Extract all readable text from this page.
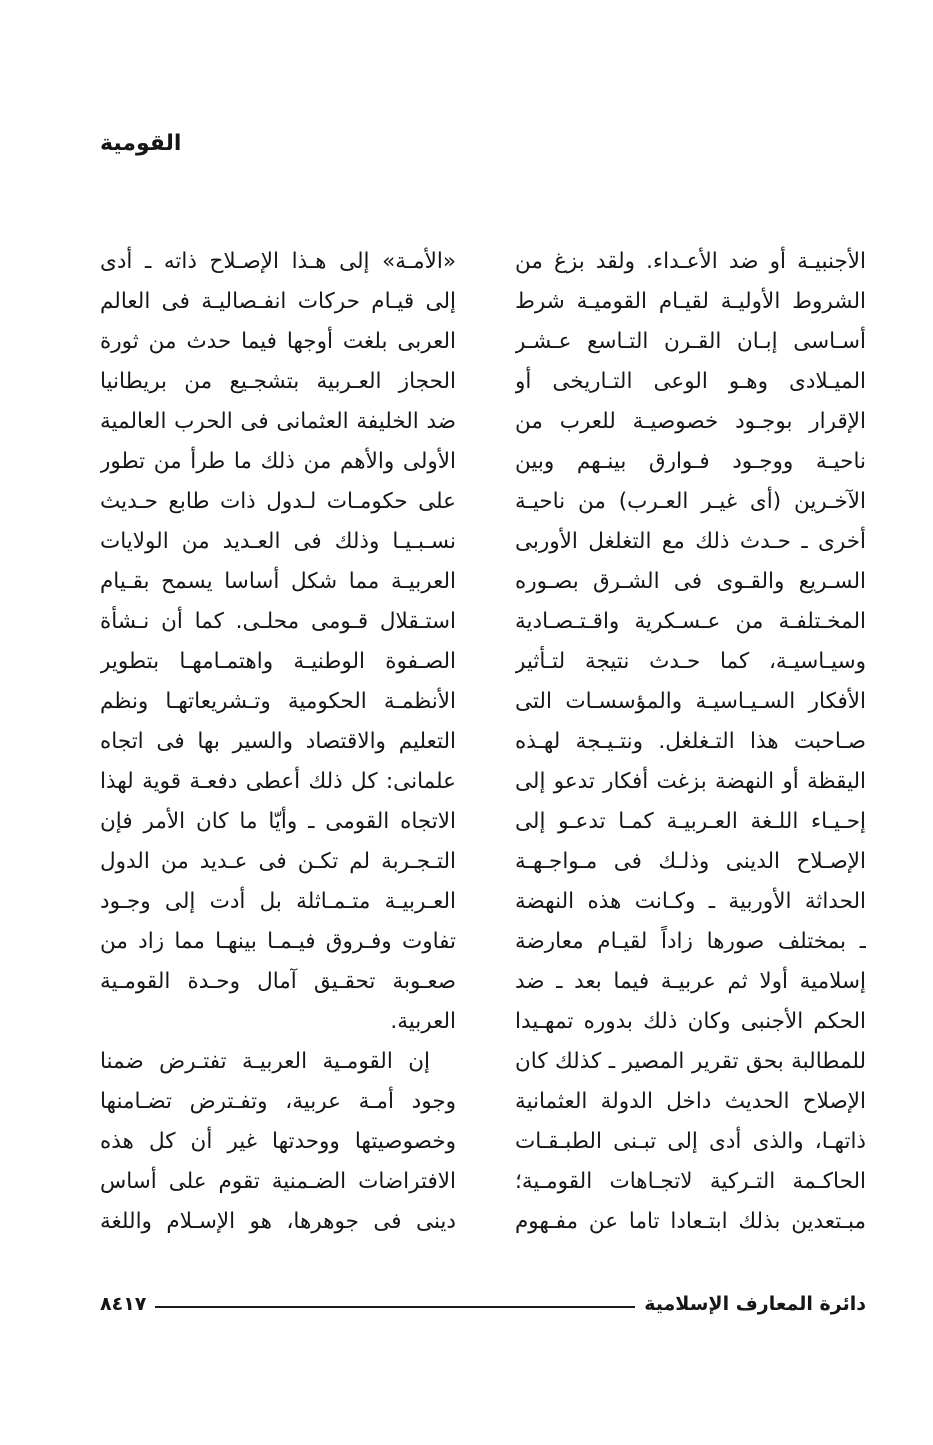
القومية
الأجنبيـة أو ضد الأعـداء. ولقد بزغ من
الشروط الأوليـة لقيـام القوميـة شرط
أسـاسى إبـان القـرن التـاسع عـشـر
الميـلادى وهـو الوعى التـاريخى أو
الإقرار بوجـود خصوصيـة للعرب من
ناحيـة ووجـود فـوارق بينـهم وبين
الآخـرين (أى غيـر العـرب) من ناحيـة
أخرى ـ حـدث ذلك مع التغلغل الأوربى
السـريع والقـوى فى الشـرق بصـوره
المخـتلفـة من عـسـكرية واقـتـصـادية
وسيـاسيـة، كما حـدث نتيجة لتـأثير
الأفكار السـيـاسيـة والمؤسسـات التى
صـاحبت هذا التـغلغل. ونتـيـجة لهـذه
اليقظة أو النهضة بزغت أفكار تدعو إلى
إحـيـاء اللـغة العـربيـة كمـا تدعـو إلى
الإصـلاح الدينى وذلـك فى مـواجـهـة
الحداثة الأوربية ـ وكـانت هذه النهضة
ـ بمختلف صورها زاداً لقيـام معارضة
إسلامية أولا ثم عربيـة فيما بعد ـ ضد
الحكم الأجنبى وكان ذلك بدوره تمهـيدا
للمطالبة بحق تقرير المصير ـ كذلك كان
الإصلاح الحديث داخل الدولة العثمانية
ذاتهـا، والذى أدى إلى تبـنى الطبـقـات
الحاكـمة التـركية لاتجـاهات القومـية؛
مبـتعدين بذلك ابتـعادا تاما عن مفـهوم
«الأمـة» إلى هـذا الإصـلاح ذاته ـ أدى
إلى قيـام حركات انفـصاليـة فى العالم
العربى بلغت أوجها فيما حدث من ثورة
الحجاز العـربية بتشجـيع من بريطانيا
ضد الخليفة العثمانى فى الحرب العالمية
الأولى والأهم من ذلك ما طرأ من تطور
على حكومـات لـدول ذات طابع حـديث
نسـبـيـا وذلك فى العـديد من الولايات
العربيـة مما شكل أساسا يسمح بقـيام
استـقلال قـومى محلـى. كما أن نـشأة
الصـفوة الوطنيـة واهتمـامهـا بتطوير
الأنظمـة الحكومية وتـشريعاتهـا ونظم
التعليم والاقتصاد والسير بها فى اتجاه
علمانى: كل ذلك أعطى دفعـة قوية لهذا
الاتجاه القومى ـ وأيّا ما كان الأمر فإن
التـجـربة لم تكـن فى عـديد من الدول
العـربيـة متـمـاثلة بل أدت إلى وجـود
تفاوت وفـروق فيـمـا بينهـا مما زاد من
صعـوبة تحقـيق آمال وحـدة القومـية
العربية.
إن القومـية العربيـة تفتـرض ضمنا
وجود أمـة عربية، وتفـترض تضـامنها
وخصوصيتها ووحدتها غير أن كل هذه
الافتراضات الضـمنية تقوم على أساس
دينى فى جوهرها، هو الإسـلام واللغة
دائرة المعارف الإسلامية
٨٤١٧
